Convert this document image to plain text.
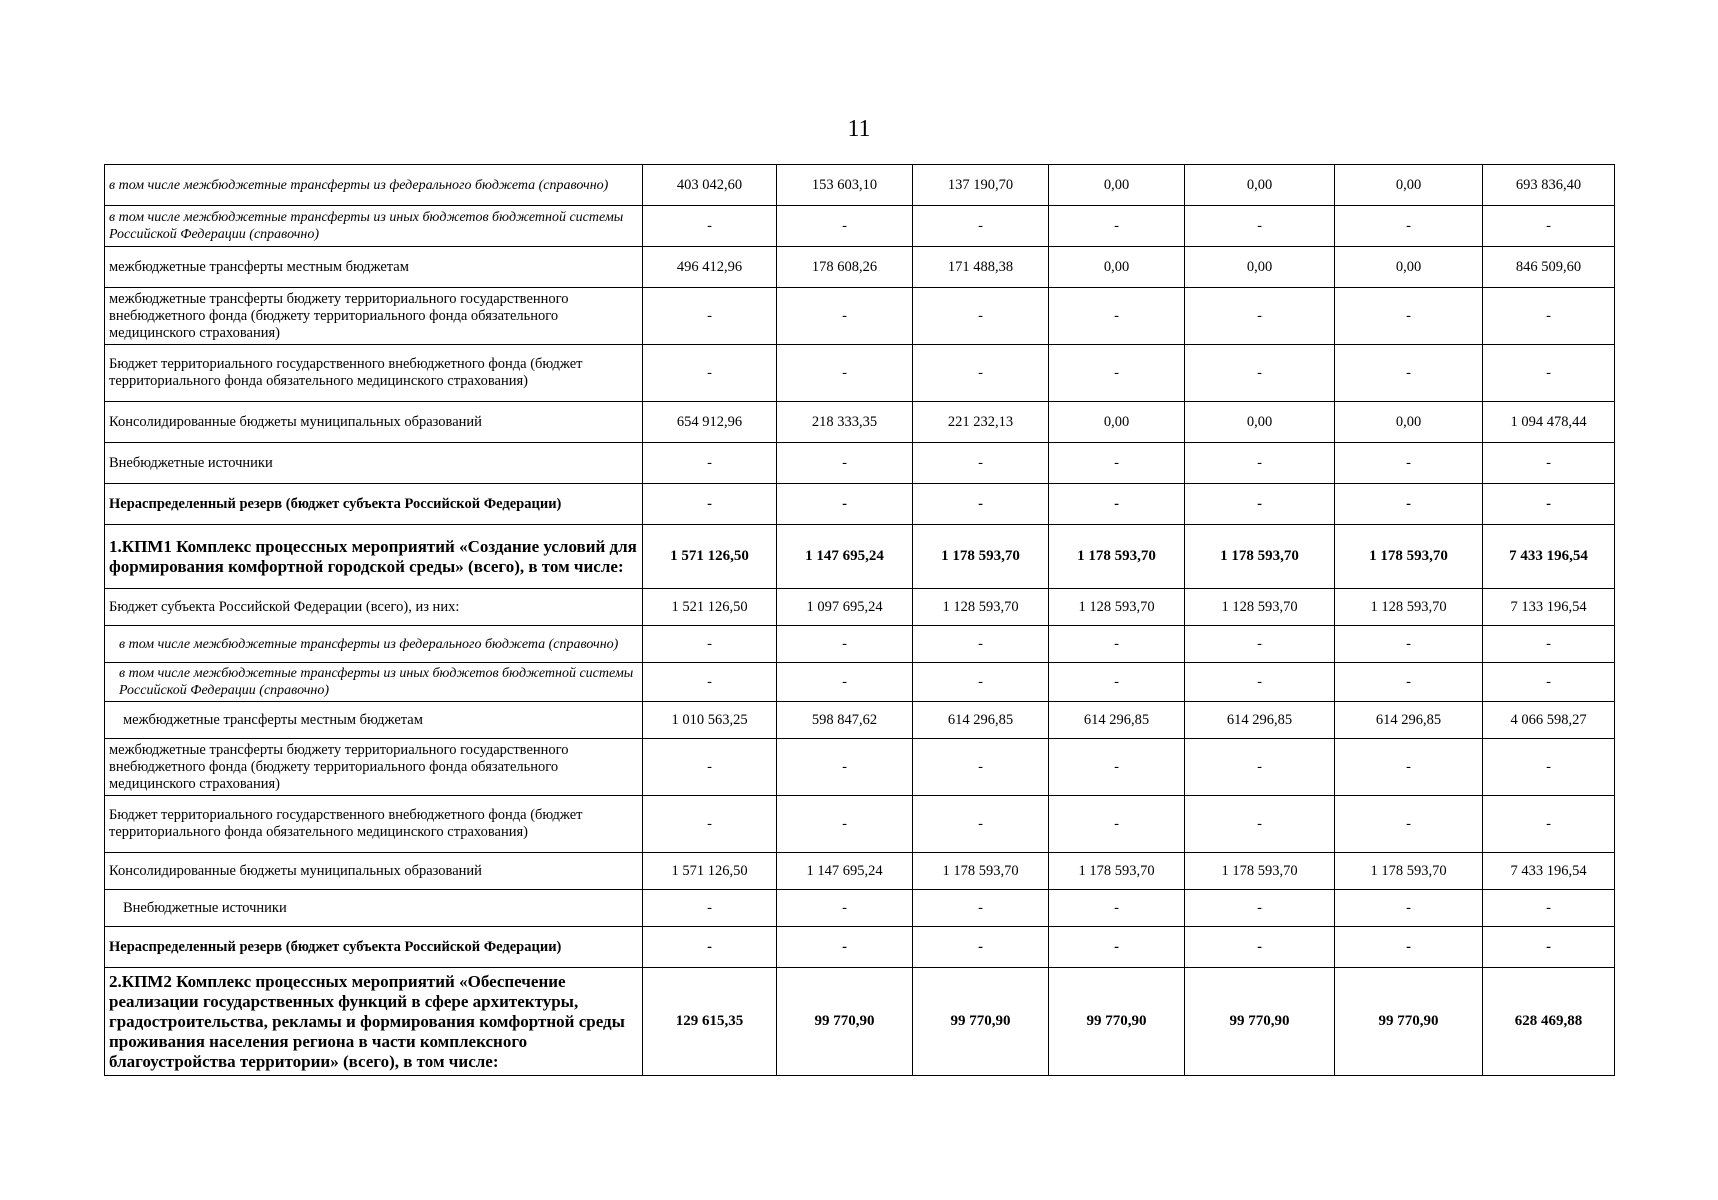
11
в том числе межбюджетные трансферты из федерального бюджета (справочно)	403 042,60	153 603,10	137 190,70	0,00	0,00	0,00	693 836,40
в том числе межбюджетные трансферты из иных бюджетов бюджетной системы Российской Федерации (справочно)	-	-	-	-	-	-	-
межбюджетные трансферты местным бюджетам	496 412,96	178 608,26	171 488,38	0,00	0,00	0,00	846 509,60
межбюджетные трансферты бюджету территориального государственного внебюджетного фонда (бюджету территориального фонда обязательного медицинского страхования)	-	-	-	-	-	-	-
Бюджет территориального государственного внебюджетного фонда (бюджет территориального фонда обязательного медицинского страхования)	-	-	-	-	-	-	-
Консолидированные бюджеты муниципальных образований	654 912,96	218 333,35	221 232,13	0,00	0,00	0,00	1 094 478,44
Внебюджетные источники	-	-	-	-	-	-	-
Нераспределенный резерв (бюджет субъекта Российской Федерации)	-	-	-	-	-	-	-
1.КПМ1 Комплекс процессных мероприятий «Создание условий для формирования комфортной городской среды» (всего), в том числе:	1 571 126,50	1 147 695,24	1 178 593,70	1 178 593,70	1 178 593,70	1 178 593,70	7 433 196,54
Бюджет субъекта Российской Федерации (всего), из них:	1 521 126,50	1 097 695,24	1 128 593,70	1 128 593,70	1 128 593,70	1 128 593,70	7 133 196,54
в том числе межбюджетные трансферты из федерального бюджета (справочно)	-	-	-	-	-	-	-
в том числе межбюджетные трансферты из иных бюджетов бюджетной системы Российской Федерации (справочно)	-	-	-	-	-	-	-
межбюджетные трансферты местным бюджетам	1 010 563,25	598 847,62	614 296,85	614 296,85	614 296,85	614 296,85	4 066 598,27
межбюджетные трансферты бюджету территориального государственного внебюджетного фонда (бюджету территориального фонда обязательного медицинского страхования)	-	-	-	-	-	-	-
Бюджет территориального государственного внебюджетного фонда (бюджет территориального фонда обязательного медицинского страхования)	-	-	-	-	-	-	-
Консолидированные бюджеты муниципальных образований	1 571 126,50	1 147 695,24	1 178 593,70	1 178 593,70	1 178 593,70	1 178 593,70	7 433 196,54
Внебюджетные источники	-	-	-	-	-	-	-
Нераспределенный резерв (бюджет субъекта Российской Федерации)	-	-	-	-	-	-	-
2.КПМ2 Комплекс процессных мероприятий «Обеспечение реализации государственных функций в сфере архитектуры, градостроительства, рекламы и формирования комфортной среды проживания населения региона в части комплексного благоустройства территории» (всего), в том числе:	129 615,35	99 770,90	99 770,90	99 770,90	99 770,90	99 770,90	628 469,88
